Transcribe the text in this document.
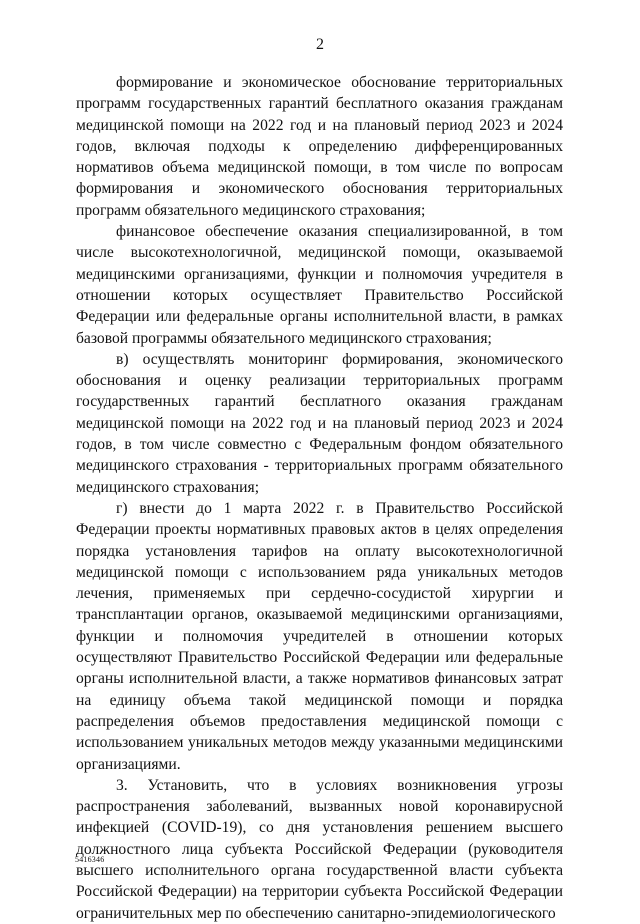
2

формирование и экономическое обоснование территориальных программ государственных гарантий бесплатного оказания гражданам медицинской помощи на 2022 год и на плановый период 2023 и 2024 годов, включая подходы к определению дифференцированных нормативов объема медицинской помощи, в том числе по вопросам формирования и экономического обоснования территориальных программ обязательного медицинского страхования;

финансовое обеспечение оказания специализированной, в том числе высокотехнологичной, медицинской помощи, оказываемой медицинскими организациями, функции и полномочия учредителя в отношении которых осуществляет Правительство Российской Федерации или федеральные органы исполнительной власти, в рамках базовой программы обязательного медицинского страхования;

в) осуществлять мониторинг формирования, экономического обоснования и оценку реализации территориальных программ государственных гарантий бесплатного оказания гражданам медицинской помощи на 2022 год и на плановый период 2023 и 2024 годов, в том числе совместно с Федеральным фондом обязательного медицинского страхования - территориальных программ обязательного медицинского страхования;

г) внести до 1 марта 2022 г. в Правительство Российской Федерации проекты нормативных правовых актов в целях определения порядка установления тарифов на оплату высокотехнологичной медицинской помощи с использованием ряда уникальных методов лечения, применяемых при сердечно-сосудистой хирургии и трансплантации органов, оказываемой медицинскими организациями, функции и полномочия учредителей в отношении которых осуществляют Правительство Российской Федерации или федеральные органы исполнительной власти, а также нормативов финансовых затрат на единицу объема такой медицинской помощи и порядка распределения объемов предоставления медицинской помощи с использованием уникальных методов между указанными медицинскими организациями.

3. Установить, что в условиях возникновения угрозы распространения заболеваний, вызванных новой коронавирусной инфекцией (COVID-19), со дня установления решением высшего должностного лица субъекта Российской Федерации (руководителя высшего исполнительного органа государственной власти субъекта Российской Федерации) на территории субъекта Российской Федерации ограничительных мер по обеспечению санитарно-эпидемиологического

5416346
